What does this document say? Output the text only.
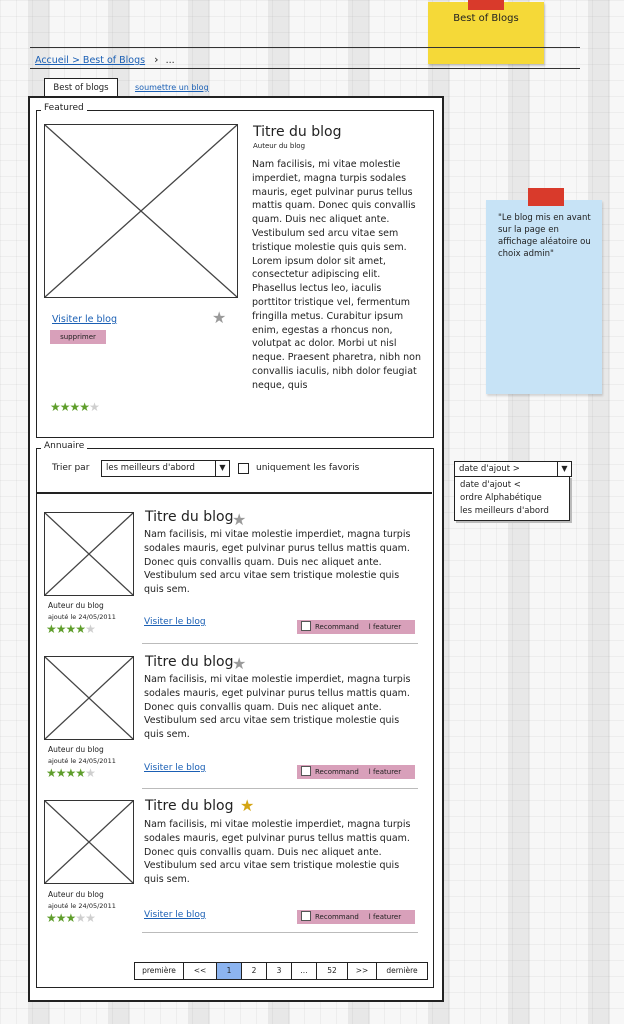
Best of Blogs
"Le blog mis en avant sur la page en affichage aléatoire ou choix admin"
Accueil > Best of Blogs › ...
Best of blogs	soumettre un blog
Featured
Titre du blog
Auteur du blog
Nam facilisis, mi vitae molestie imperdiet, magna turpis sodales mauris, eget pulvinar purus tellus mattis quam. Donec quis convallis quam. Duis nec aliquet ante. Vestibulum sed arcu vitae sem tristique molestie quis quis sem. Lorem ipsum dolor sit amet, consectetur adipiscing elit. Phasellus lectus leo, iaculis porttitor tristique vel, fermentum fringilla metus. Curabitur ipsum enim, egestas a rhoncus non, volutpat ac dolor. Morbi ut nisl neque. Praesent pharetra, nibh non convallis iaculis, nibh dolor feugiat neque, quis
Visiter le blog	★
supprimer
★★★★★
Annuaire
Trier par	les meilleurs d'abord	▼	uniquement les favoris
...
date d'ajout >	▼
date d'ajout <
ordre Alphabétique
les meilleurs d'abord
Titre du blog
★
Nam facilisis, mi vitae molestie imperdiet, magna turpis sodales mauris, eget pulvinar purus tellus mattis quam. Donec quis convallis quam. Duis nec aliquet ante. Vestibulum sed arcu vitae sem tristique molestie quis quis sem.
Auteur du blog
ajouté le 24/05/2011
★★★★★	Visiter le blog	Recommand l featurer
Titre du blog
★
Nam facilisis, mi vitae molestie imperdiet, magna turpis sodales mauris, eget pulvinar purus tellus mattis quam. Donec quis convallis quam. Duis nec aliquet ante. Vestibulum sed arcu vitae sem tristique molestie quis quis sem.
Auteur du blog
ajouté le 24/05/2011
★★★★★	Visiter le blog	Recommand l featurer
Titre du blog ★
Nam facilisis, mi vitae molestie imperdiet, magna turpis sodales mauris, eget pulvinar purus tellus mattis quam. Donec quis convallis quam. Duis nec aliquet ante. Vestibulum sed arcu vitae sem tristique molestie quis quis sem.
Auteur du blog
ajouté le 24/05/2011
★★★★★	Visiter le blog	Recommand l featurer
première	<<	1	2	3	...	52	>>	dernière
